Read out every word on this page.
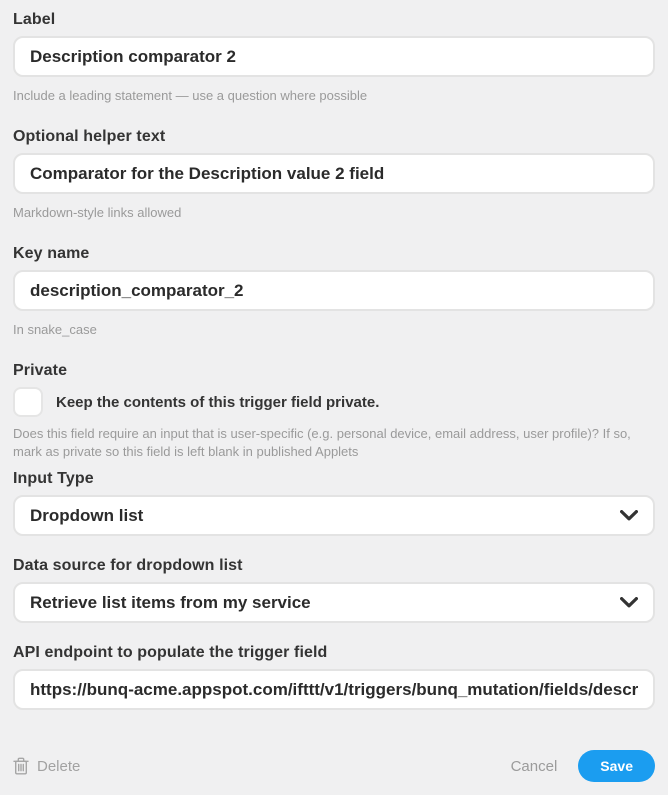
Label
Description comparator 2
Include a leading statement — use a question where possible
Optional helper text
Comparator for the Description value 2 field
Markdown-style links allowed
Key name
description_comparator_2
In snake_case
Private
Keep the contents of this trigger field private.
Does this field require an input that is user-specific (e.g. personal device, email address, user profile)? If so, mark as private so this field is left blank in published Applets
Input Type
Dropdown list
Data source for dropdown list
Retrieve list items from my service
API endpoint to populate the trigger field
https://bunq-acme.appspot.com/ifttt/v1/triggers/bunq_mutation/fields/descrip
Delete	Cancel	Save
